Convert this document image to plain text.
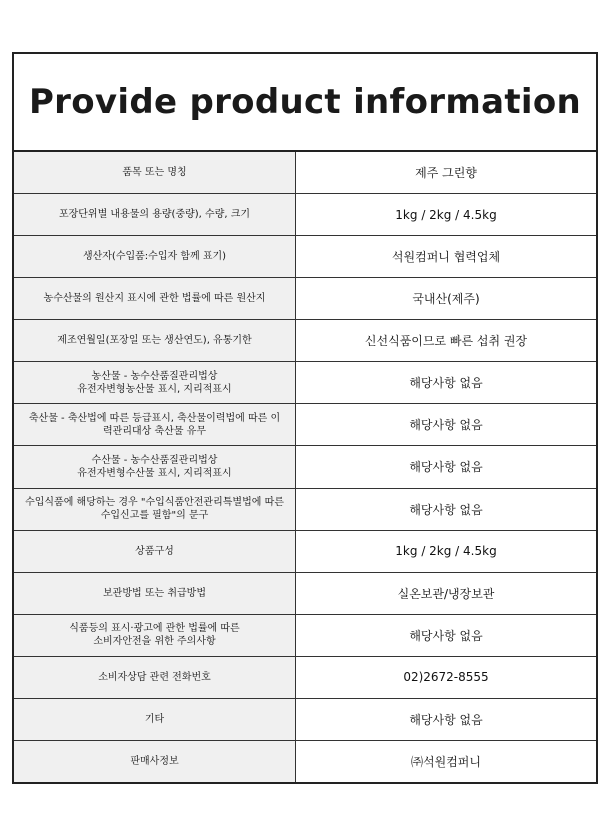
Provide product information
품목 또는 명칭	제주 그린향
포장단위별 내용물의 용량(중량), 수량, 크기	1kg / 2kg / 4.5kg
생산자(수입품:수입자 함께 표기)	석원컴퍼니 협력업체
농수산물의 원산지 표시에 관한 법률에 따른 원산지	국내산(제주)
제조연월일(포장일 또는 생산연도), 유통기한	신선식품이므로 빠른 섭취 권장
농산물 - 농수산품질관리법상
유전자변형농산물 표시, 지리적표시	해당사항 없음
축산물 - 축산법에 따른 등급표시, 축산물이력법에 따른 이
력관리대상 축산물 유무	해당사항 없음
수산물 - 농수산품질관리법상
유전자변형수산물 표시, 지리적표시	해당사항 없음
수입식품에 해당하는 경우 "수입식품안전관리특별법에 따른
수입신고를 필함"의 문구	해당사항 없음
상품구성	1kg / 2kg / 4.5kg
보관방법 또는 취급방법	실온보관/냉장보관
식품등의 표시·광고에 관한 법률에 따른
소비자안전을 위한 주의사항	해당사항 없음
소비자상담 관련 전화번호	02)2672-8555
기타	해당사항 없음
판매사정보	㈜석원컴퍼니
